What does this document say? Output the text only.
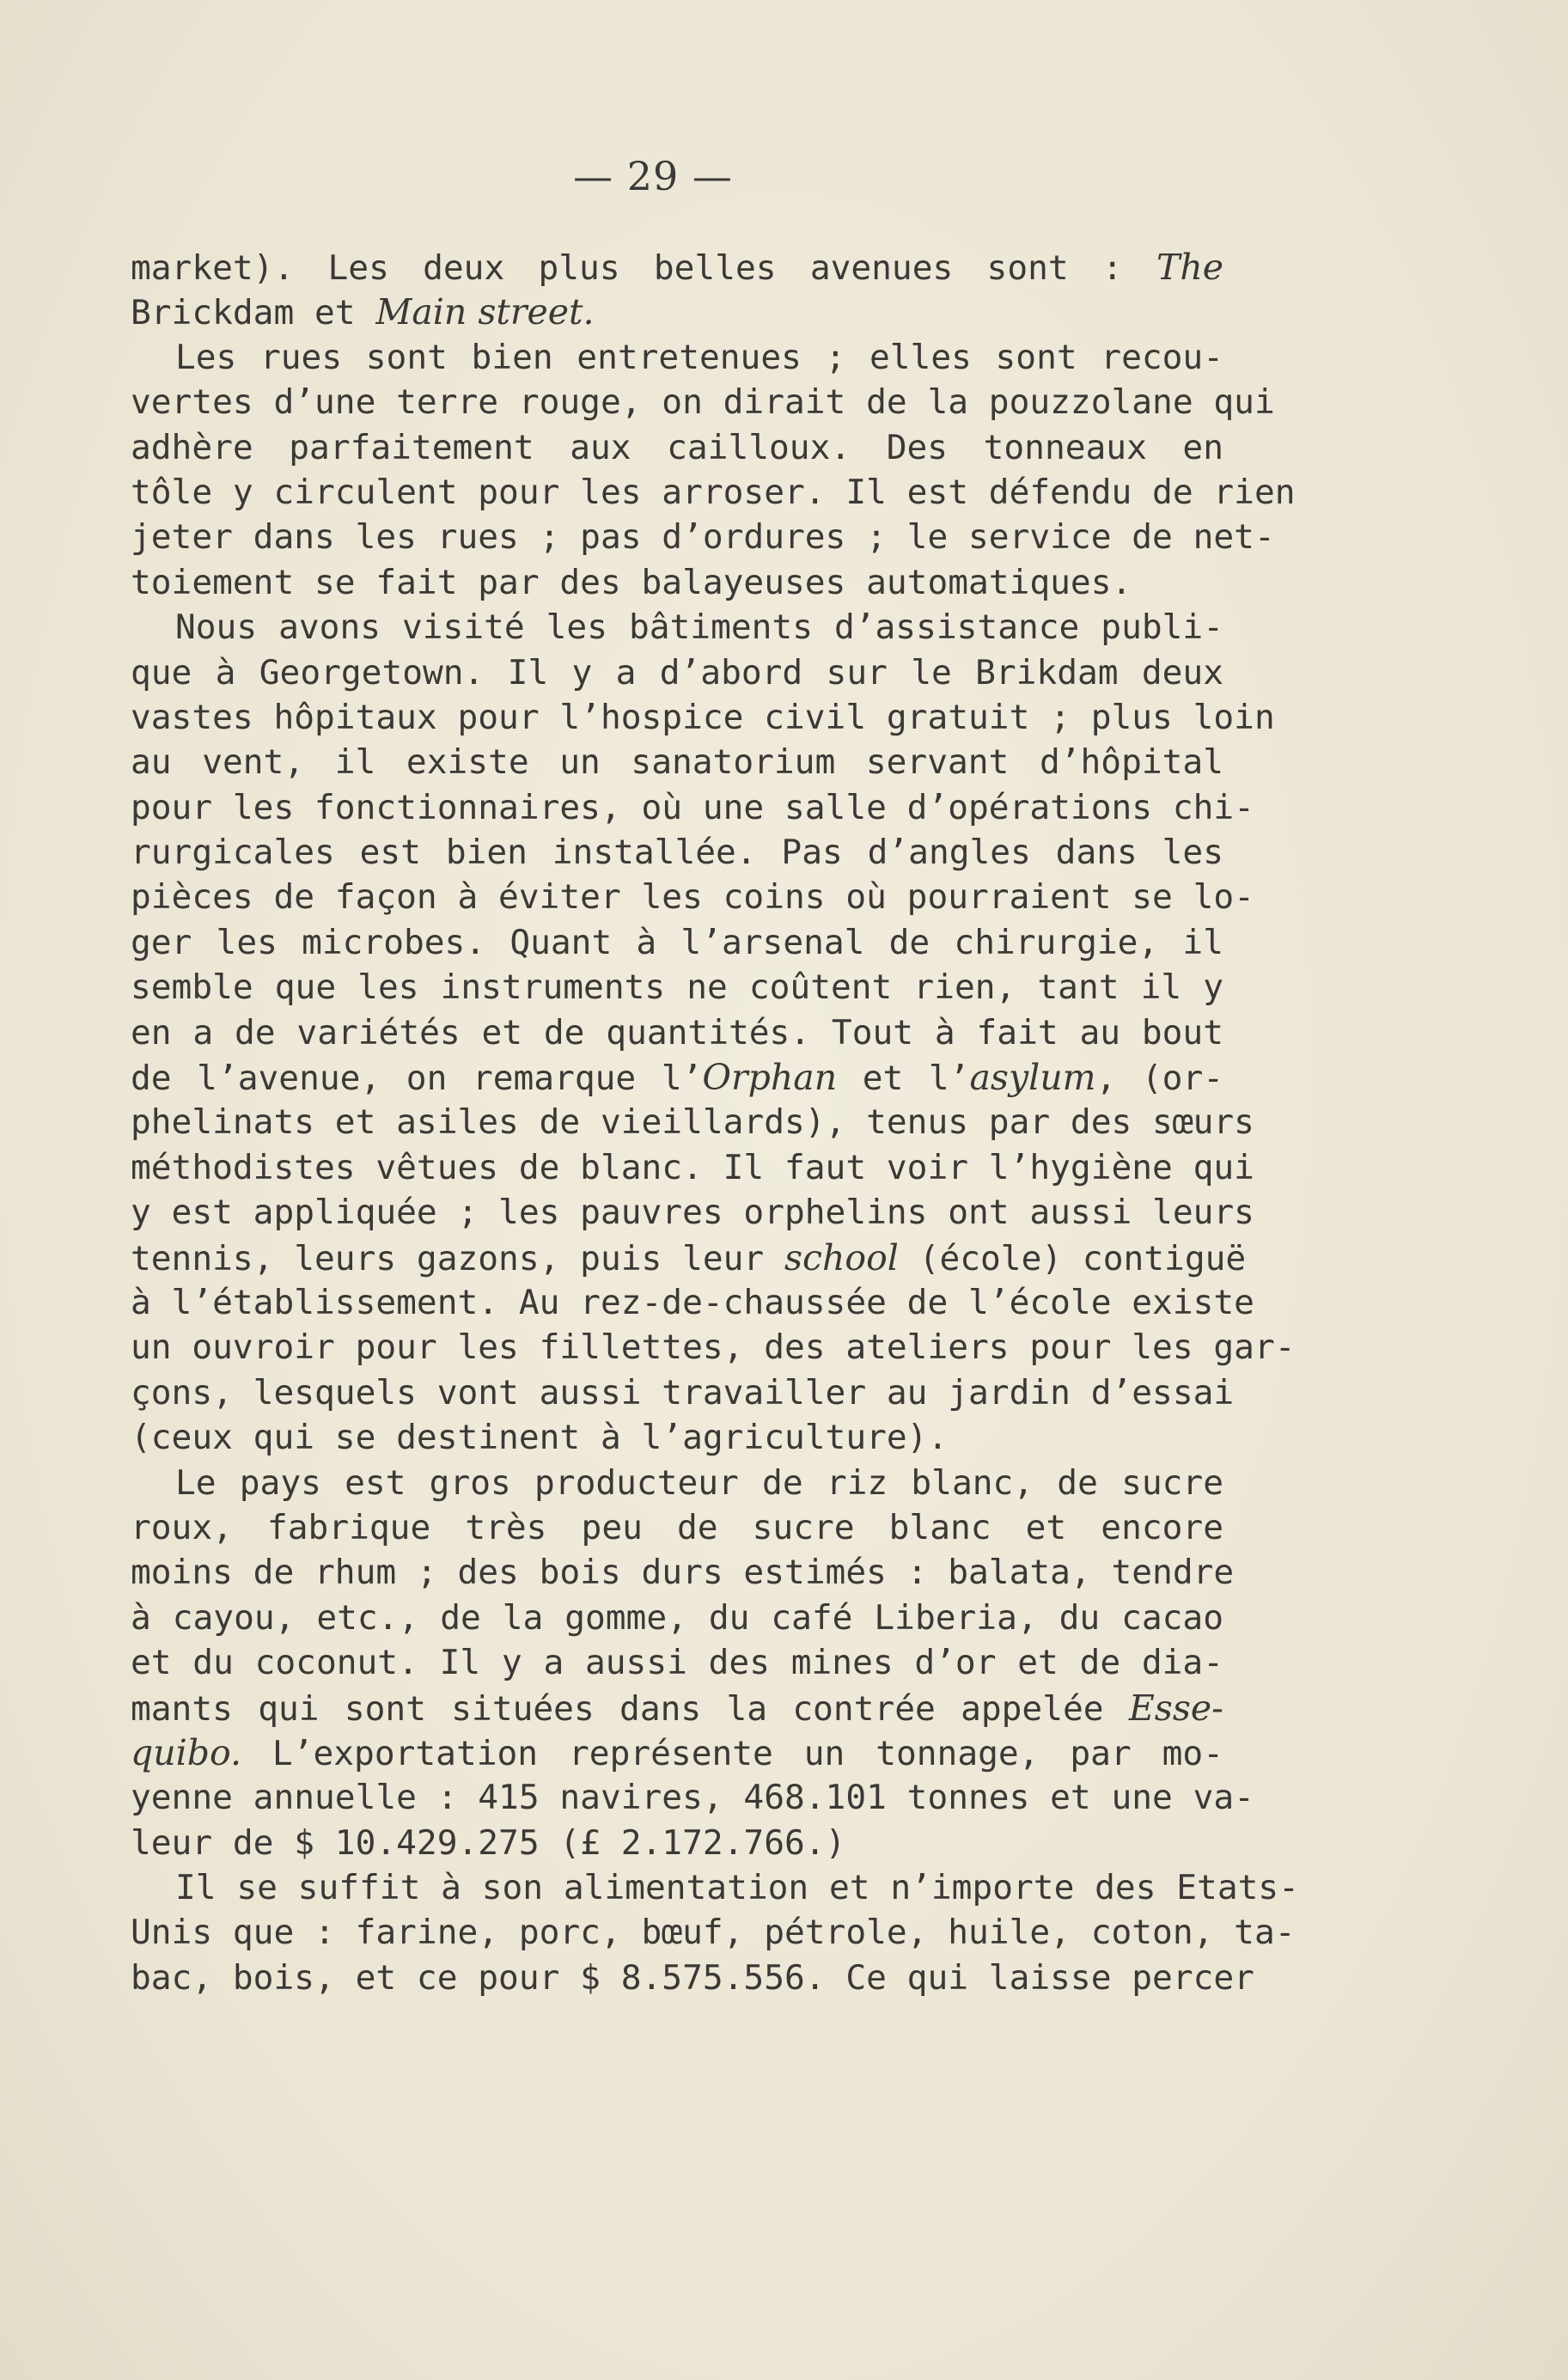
— 29 —
market). Les deux plus belles avenues sont : The
Brickdam et Main street.
Les rues sont bien entretenues ; elles sont recou-
vertes d’une terre rouge, on dirait de la pouzzolane qui
adhère parfaitement aux cailloux. Des tonneaux en
tôle y circulent pour les arroser. Il est défendu de rien
jeter dans les rues ; pas d’ordures ; le service de net-
toiement se fait par des balayeuses automatiques.
Nous avons visité les bâtiments d’assistance publi-
que à Georgetown. Il y a d’abord sur le Brikdam deux
vastes hôpitaux pour l’hospice civil gratuit ; plus loin
au vent, il existe un sanatorium servant d’hôpital
pour les fonctionnaires, où une salle d’opérations chi-
rurgicales est bien installée. Pas d’angles dans les
pièces de façon à éviter les coins où pourraient se lo-
ger les microbes. Quant à l’arsenal de chirurgie, il
semble que les instruments ne coûtent rien, tant il y
en a de variétés et de quantités. Tout à fait au bout
de l’avenue, on remarque l’Orphan et l’asylum, (or-
phelinats et asiles de vieillards), tenus par des sœurs
méthodistes vêtues de blanc. Il faut voir l’hygiène qui
y est appliquée ; les pauvres orphelins ont aussi leurs
tennis, leurs gazons, puis leur school (école) contiguë
à l’établissement. Au rez-de-chaussée de l’école existe
un ouvroir pour les fillettes, des ateliers pour les gar-
çons, lesquels vont aussi travailler au jardin d’essai
(ceux qui se destinent à l’agriculture).
Le pays est gros producteur de riz blanc, de sucre
roux, fabrique très peu de sucre blanc et encore
moins de rhum ; des bois durs estimés : balata, tendre
à cayou, etc., de la gomme, du café Liberia, du cacao
et du coconut. Il y a aussi des mines d’or et de dia-
mants qui sont situées dans la contrée appelée Esse-
quibo. L’exportation représente un tonnage, par mo-
yenne annuelle : 415 navires, 468.101 tonnes et une va-
leur de $ 10.429.275 (£ 2.172.766.)
Il se suffit à son alimentation et n’importe des Etats-
Unis que : farine, porc, bœuf, pétrole, huile, coton, ta-
bac, bois, et ce pour $ 8.575.556. Ce qui laisse percer
